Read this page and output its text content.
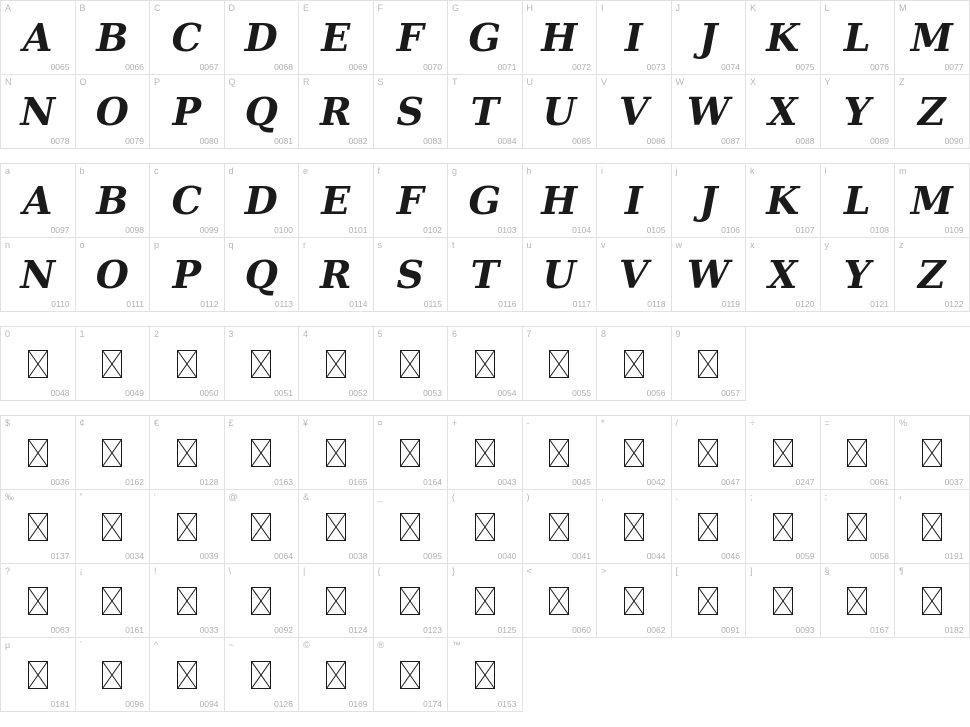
A
A
0065
B
B
0066
C
C
0067
D
D
0068
E
E
0069
F
F
0070
G
G
0071
H
H
0072
I
I
0073
J
J
0074
K
K
0075
L
L
0076
M
M
0077
N
N
0078
O
O
0079
P
P
0080
Q
Q
0081
R
R
0082
S
S
0083
T
T
0084
U
U
0085
V
V
0086
W
W
0087
X
X
0088
Y
Y
0089
Z
Z
0090
a
A
0097
b
B
0098
c
C
0099
d
D
0100
e
E
0101
f
F
0102
g
G
0103
h
H
0104
i
I
0105
j
J
0106
k
K
0107
l
L
0108
m
M
0109
n
N
0110
o
O
0111
p
P
0112
q
Q
0113
r
R
0114
s
S
0115
t
T
0116
u
U
0117
v
V
0118
w
W
0119
x
X
0120
y
Y
0121
z
Z
0122
0
0048
1
0049
2
0050
3
0051
4
0052
5
0053
6
0054
7
0055
8
0056
9
0057
$
0036
¢
0162
€
0128
£
0163
¥
0165
¤
0164
+
0043
-
0045
*
0042
/
0047
÷
0247
=
0061
%
0037
‰
0137
"
0034
'
0039
@
0064
&
0038
_
0095
(
0040
)
0041
,
0044
.
0046
;
0059
:
0058
‹
0191
?
0063
¡
0161
!
0033
\
0092
|
0124
{
0123
}
0125
<
0060
>
0062
[
0091
]
0093
§
0167
¶
0182
µ
0181
`
0096
^
0094
~
0126
©
0169
®
0174
™
0153
